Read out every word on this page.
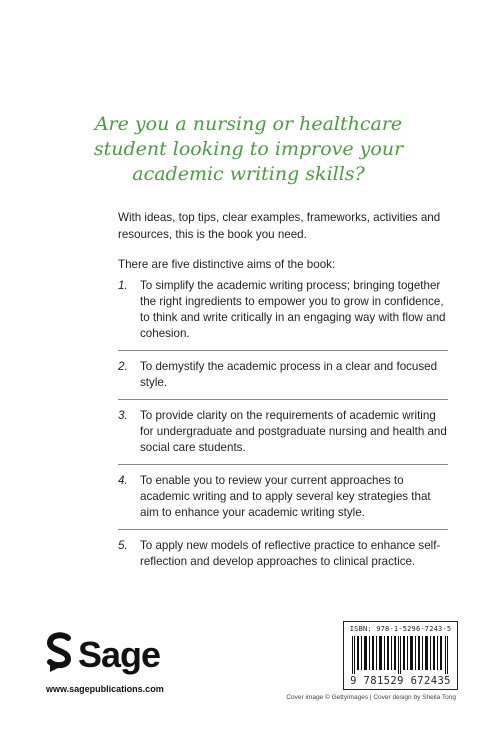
Are you a nursing or healthcare
student looking to improve your
academic writing skills?
With ideas, top tips, clear examples, frameworks, activities and resources, this is the book you need.
There are five distinctive aims of the book:
1. To simplify the academic writing process; bringing together the right ingredients to empower you to grow in confidence, to think and write critically in an engaging way with flow and cohesion.
2. To demystify the academic process in a clear and focused style.
3. To provide clarity on the requirements of academic writing for undergraduate and postgraduate nursing and health and social care students.
4. To enable you to review your current approaches to academic writing and to apply several key strategies that aim to enhance your academic writing style.
5. To apply new models of reflective practice to enhance self-reflection and develop approaches to clinical practice.
Sage
www.sagepublications.com
ISBN: 978-1-5296-7243-5
9 781529 672435
Cover image © Gettyimages | Cover design by Sheila Tong
